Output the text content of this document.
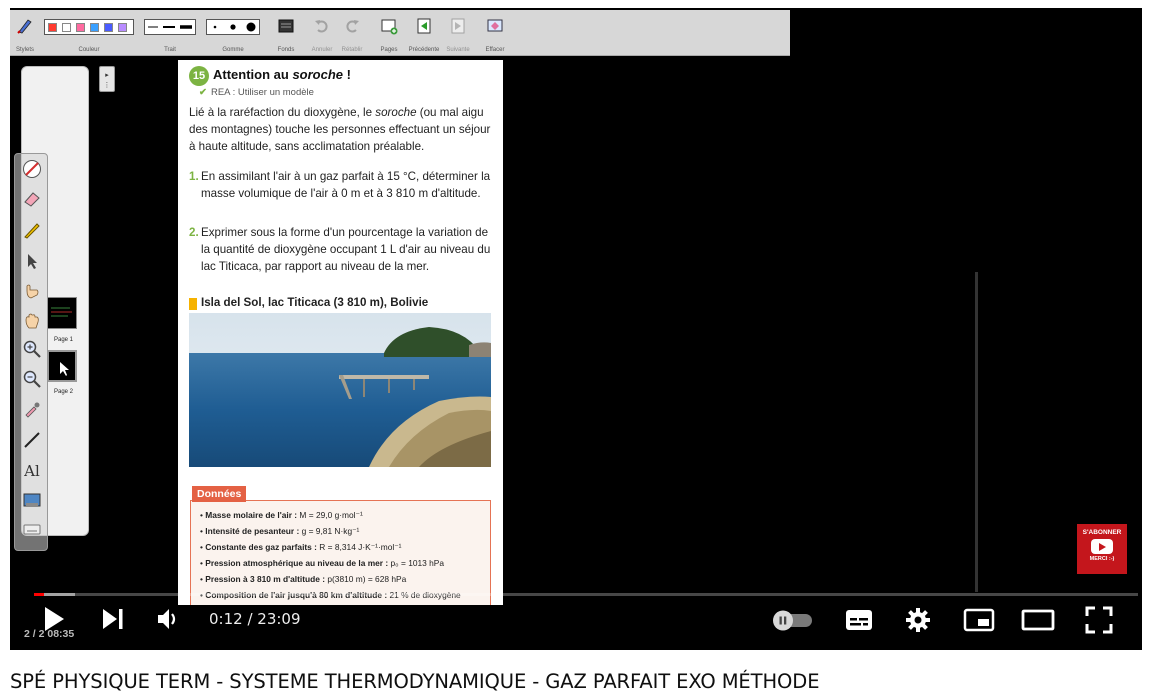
Stylets	Couleur	Trait	Gomme	Fonds	Annuler	Rétablir	Pages	Précédente	Suivante	Effacer
Page 1
Page 2
Al
▸
⋮
15 Attention au soroche !
✔ REA : Utiliser un modèle
Lié à la raréfaction du dioxygène, le soroche (ou mal aigu des montagnes) touche les personnes effectuant un séjour à haute altitude, sans acclimatation préalable.
1. En assimilant l'air à un gaz parfait à 15 °C, déterminer la masse volumique de l'air à 0 m et à 3 810 m d'altitude.
2. Exprimer sous la forme d'un pourcentage la variation de la quantité de dioxygène occupant 1 L d'air au niveau du lac Titicaca, par rapport au niveau de la mer.
Isla del Sol, lac Titicaca (3 810 m), Bolivie
Données
• Masse molaire de l'air : M = 29,0 g·mol⁻¹
• Intensité de pesanteur : g = 9,81 N·kg⁻¹
• Constante des gaz parfaits : R = 8,314 J·K⁻¹·mol⁻¹
• Pression atmosphérique au niveau de la mer : p₀ = 1013 hPa
• Pression à 3 810 m d'altitude : p(3810 m) = 628 hPa
• Composition de l'air jusqu'à 80 km d'altitude : 21 % de dioxygène
S'ABONNER
MERCI :-)
0:12 / 23:09
2 / 2 08:35
SPÉ PHYSIQUE TERM - SYSTEME THERMODYNAMIQUE - GAZ PARFAIT EXO MÉTHODE
